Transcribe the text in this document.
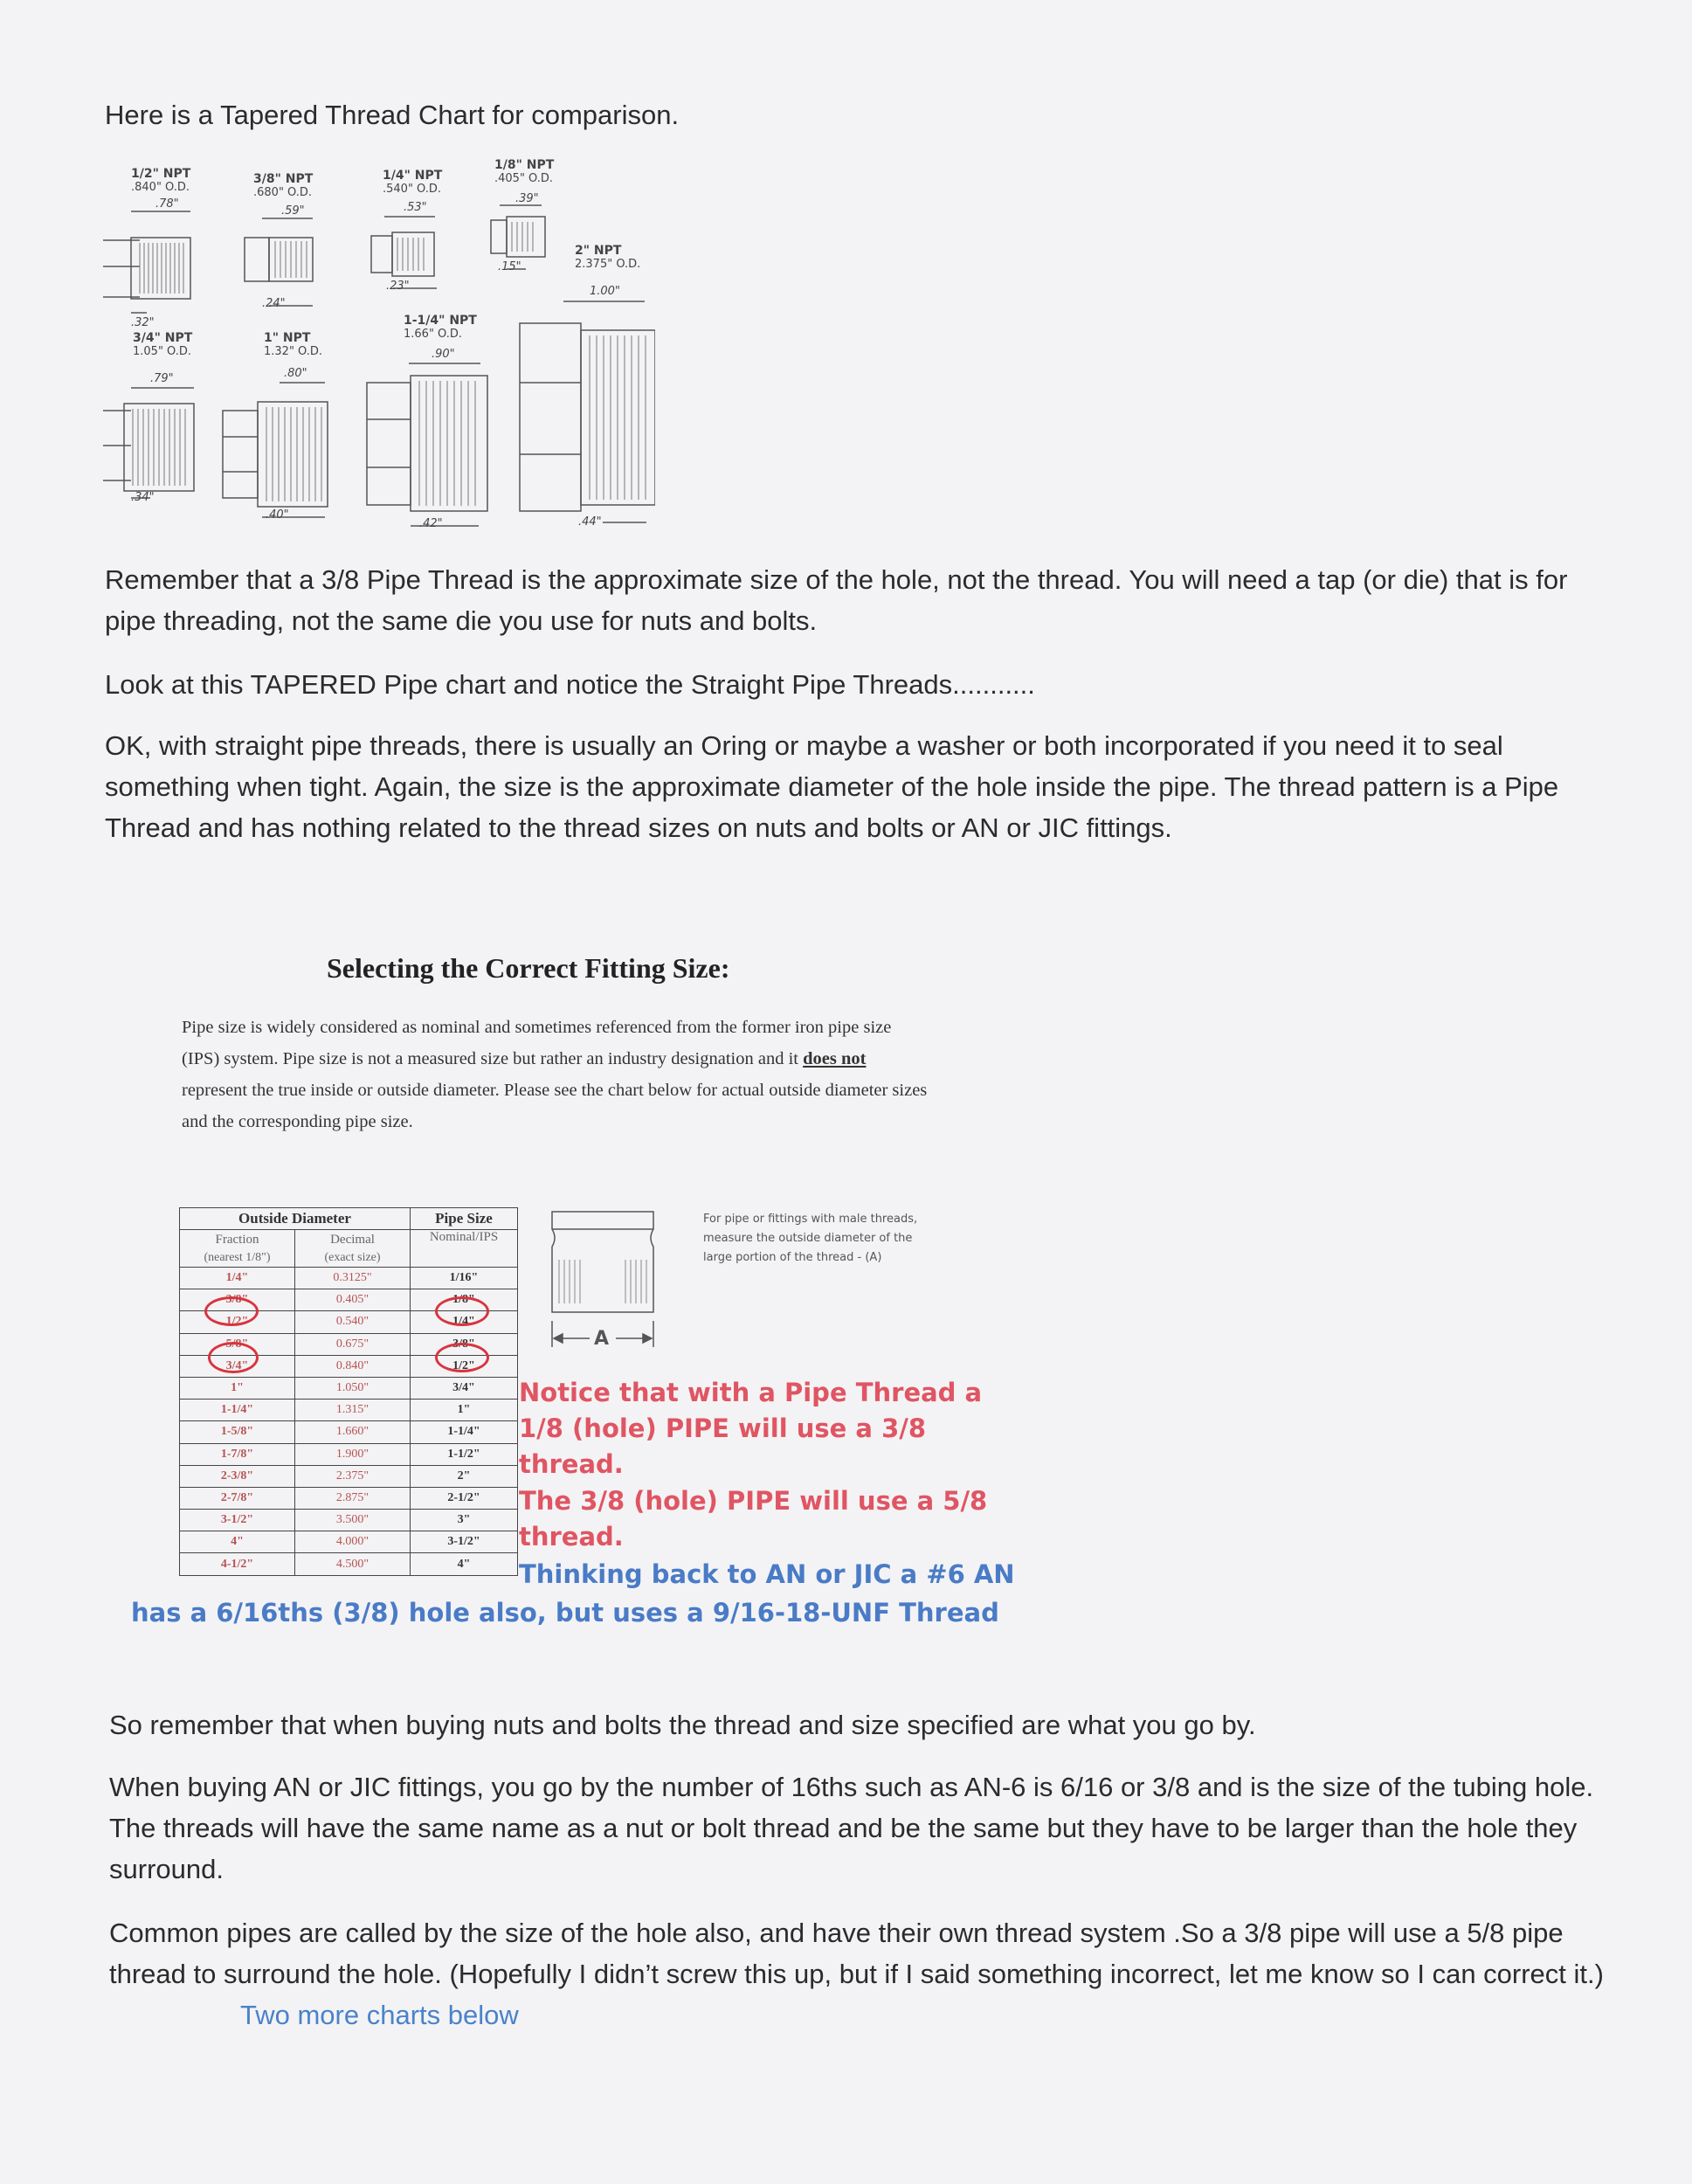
Here is a Tapered Thread Chart for comparison.
1/2" NPT
.840" O.D.
.78"
.32"
3/8" NPT
.680" O.D.
.59"
.24"
1/4" NPT
.540" O.D.
.53"
.23"
1/8" NPT
.405" O.D.
.39"
.15"
2" NPT
2.375" O.D.
1.00"
.44"
3/4" NPT
1.05" O.D.
.79"
.34"
1" NPT
1.32" O.D.
.80"
.40"
1-1/4" NPT
1.66" O.D.
.90"
.42"
Remember that a 3/8 Pipe Thread is the approximate size of the hole, not the thread. You will need a tap (or die) that is for pipe threading, not the same die you use for nuts and bolts.
Look at this TAPERED Pipe chart and notice the Straight Pipe Threads...........
OK, with straight pipe threads, there is usually an Oring or maybe a washer or both incorporated if you need it to seal something when tight. Again, the size is the approximate diameter of the hole inside the pipe. The thread pattern is a Pipe Thread and has nothing related to the thread sizes on nuts and bolts or AN or JIC fittings.
Selecting the Correct Fitting Size:
Pipe size is widely considered as nominal and sometimes referenced from the former iron pipe size (IPS) system. Pipe size is not a measured size but rather an industry designation and it does not represent the true inside or outside diameter. Please see the chart below for actual outside diameter sizes and the corresponding pipe size.
Outside Diameter		Pipe Size
Fraction	Decimal	Nominal/IPS
(nearest 1/8")	(exact size)	
1/4"	0.3125"	1/16"
3/8"	0.405"	1/8"
1/2"	0.540"	1/4"
5/8"	0.675"	3/8"
3/4"	0.840"	1/2"
1"	1.050"	3/4"
1-1/4"	1.315"	1"
1-5/8"	1.660"	1-1/4"
1-7/8"	1.900"	1-1/2"
2-3/8"	2.375"	2"
2-7/8"	2.875"	2-1/2"
3-1/2"	3.500"	3"
4"	4.000"	3-1/2"
4-1/2"	4.500"	4"
A
For pipe or fittings with male threads, measure the outside diameter of the large portion of the thread - (A)
Notice that with a Pipe Thread a 1/8 (hole) PIPE will use a 3/8 thread.
The 3/8 (hole) PIPE will use a 5/8 thread.
Thinking back to AN or JIC a #6 AN
has a 6/16ths (3/8) hole also, but uses a 9/16-18-UNF Thread
So remember that when buying nuts and bolts the thread and size specified are what you go by.
When buying AN or JIC fittings, you go by the number of 16ths such as AN-6 is 6/16 or 3/8 and is the size of the tubing hole. The threads will have the same name as a nut or bolt thread and be the same but they have to be larger than the hole they surround.
Common pipes are called by the size of the hole also, and have their own thread system .So a 3/8 pipe will use a 5/8 pipe thread to surround the hole. (Hopefully I didn’t screw this up, but if I said something incorrect, let me know so I can correct it.)Two more charts below
